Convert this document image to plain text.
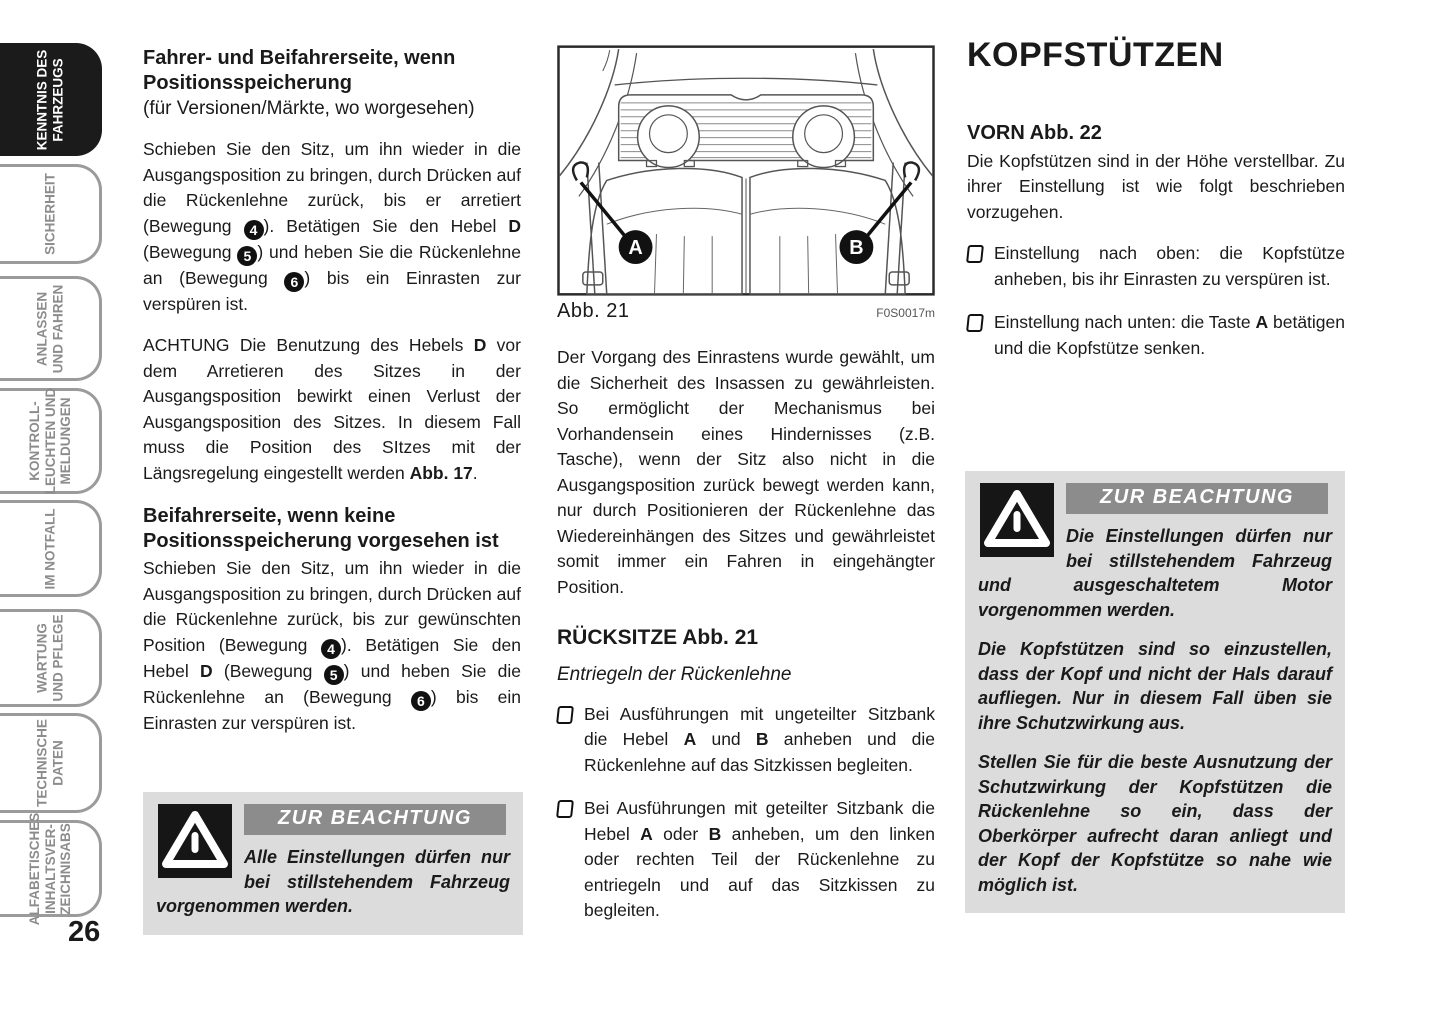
KENNTNIS DES FAHRZEUGS
SICHERHEIT
ANLASSEN UND FAHREN
KONTROLL- LEUCHTEN UND MELDUNGEN
IM NOTFALL
WARTUNG UND PFLEGE
TECHNISCHE DATEN
ALFABETISCHES INHALTSVER- ZEICHNISABS
26
Fahrer- und Beifahrerseite, wenn Positionsspeicherung

(für Versionen/Märkte, wo worgesehen)

Schieben Sie den Sitz, um ihn wieder in die Ausgangsposition zu bringen, durch Drücken auf die Rückenlehne zurück, bis er arretiert (Bewegung 4 ). Betätigen Sie den Hebel D (Bewegung 5 ) und heben Sie die Rückenlehne an (Bewegung 6 ) bis ein Einrasten zur verspüren ist.

ACHTUNG Die Benutzung des Hebels D vor dem Arretieren des Sitzes in der Ausgangsposition bewirkt einen Verlust der Ausgangsposition des Sitzes. In diesem Fall muss die Position des SItzes mit der Längsregelung eingestellt werden Abb. 17.

Beifahrerseite, wenn keine Positionsspeicherung vorgesehen ist

Schieben Sie den Sitz, um ihn wieder in die Ausgangsposition zu bringen, durch Drücken auf die Rückenlehne zurück, bis zur gewünschten Position (Bewegung 4 ). Betätigen Sie den Hebel D (Bewegung 5 ) und heben Sie die Rückenlehne an (Bewegung 6 ) bis ein Einrasten zur verspüren ist.

ZUR BEACHTUNG

Alle Einstellungen dürfen nur bei stillstehendem Fahrzeug vorgenommen werden.

A	B
Abb. 21	F0S0017m

Der Vorgang des Einrastens wurde gewählt, um die Sicherheit des Insassen zu gewährleisten. So ermöglicht der Mechanismus bei Vorhandensein eines Hindernisses (z.B. Tasche), wenn der Sitz also nicht in die Ausgangsposition zurück bewegt werden kann, nur durch Positionieren der Rückenlehne das Wiedereinhängen des Sitzes und gewährleistet somit immer ein Fahren in eingehängter Position.

RÜCKSITZE Abb. 21

Entriegeln der Rückenlehne

Bei Ausführungen mit ungeteilter Sitzbank die Hebel A und B anheben und die Rückenlehne auf das Sitzkissen begleiten.
Bei Ausführungen mit geteilter Sitzbank die Hebel A oder B anheben, um den linken oder rechten Teil der Rückenlehne zu entriegeln und auf das Sitzkissen zu begleiten.
KOPFSTÜTZEN
VORN Abb. 22

Die Kopfstützen sind in der Höhe verstellbar. Zu ihrer Einstellung ist wie folgt beschrieben vorzugehen.

Einstellung nach oben: die Kopfstütze anheben, bis ihr Einrasten zu verspüren ist.
Einstellung nach unten: die Taste A betätigen und die Kopfstütze senken.
ZUR BEACHTUNG

Die Einstellungen dürfen nur bei stillstehendem Fahrzeug und ausgeschaltetem Motor vorgenommen werden.

Die Kopfstützen sind so einzustellen, dass der Kopf und nicht der Hals darauf aufliegen. Nur in diesem Fall üben sie ihre Schutzwirkung aus.

Stellen Sie für die beste Ausnutzung der Schutzwirkung der Kopfstützen die Rückenlehne so ein, dass der Oberkörper aufrecht daran anliegt und der Kopf der Kopfstütze so nahe wie möglich ist.
